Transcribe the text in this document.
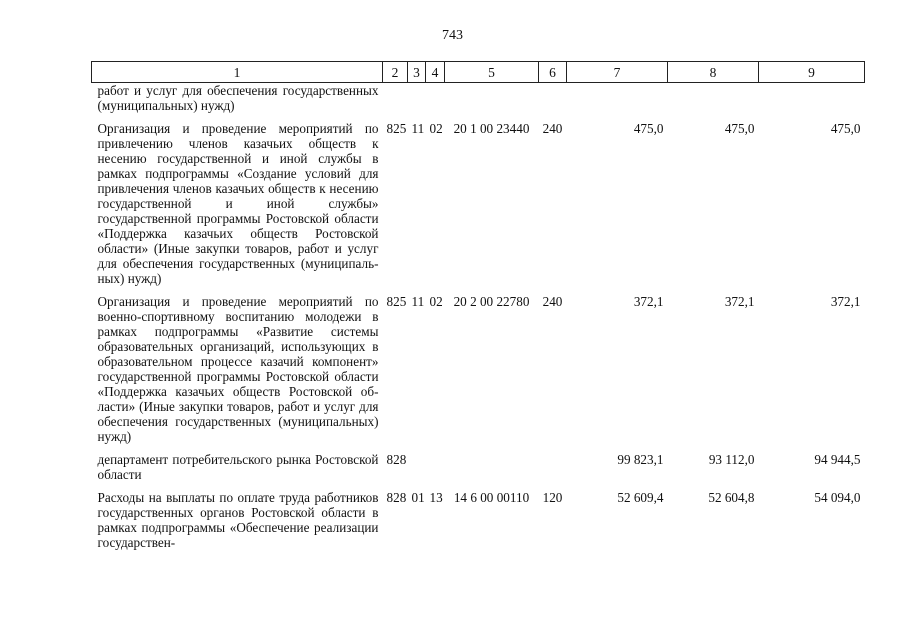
743
1	2	3	4	5	6	7	8	9
работ и услуг для обеспечения государственных (муниципальных) нужд)								

Организация и проведение мероприятий по привлечению членов казачьих обществ к несению государственной и иной службы в рамках подпрограммы «Создание условий для привлечения членов казачьих обществ к несению государственной и иной службы» государственной программы Ростовской области «Поддержка казачьих обществ Ростовской области» (Иные закупки товаров, работ и услуг для обеспечения государственных (муниципальных) нужд)	825	11	02	20 1 00 23440	240	475,0	475,0	475,0

Организация и проведение мероприятий по военно-спортивному воспитанию молодежи в рамках подпрограммы «Развитие системы образовательных организаций, использующих в образовательном процессе казачий компонент» государственной программы Ростовской области «Поддержка казачьих обществ Ростовской области» (Иные закупки товаров, работ и услуг для обеспечения государственных (муниципальных) нужд)	825	11	02	20 2 00 22780	240	372,1	372,1	372,1

департамент потребительского рынка Ростовской области	828					99 823,1	93 112,0	94 944,5

Расходы на выплаты по оплате труда работников государственных органов Ростовской области в рамках подпрограммы «Обеспечение реализации государствен-	828	01	13	14 6 00 00110	120	52 609,4	52 604,8	54 094,0
